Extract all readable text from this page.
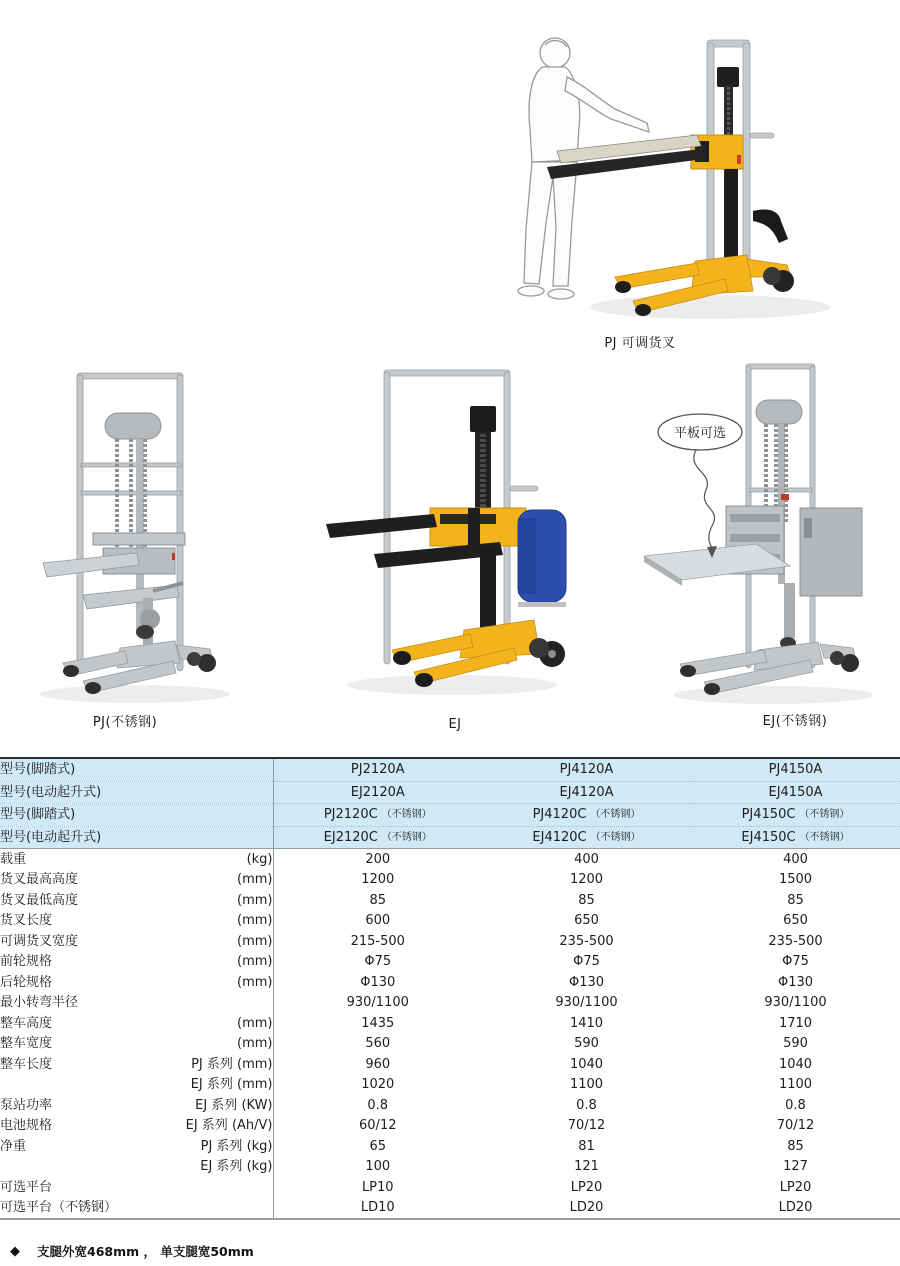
PJ 可调货叉
PJ(不锈钢)	EJ
平板可选
EJ(不锈钢)
型号(脚踏式)	PJ2120A	PJ4120A	PJ4150A

型号(电动起升式)	EJ2120A	EJ4120A	EJ4150A

型号(脚踏式)	PJ2120C （不锈钢）	PJ4120C （不锈钢）	PJ4150C （不锈钢）

型号(电动起升式)	EJ2120C （不锈钢）	EJ4120C （不锈钢）	EJ4150C （不锈钢）

载重 (kg)	200	400	400

货叉最高高度 (mm)	1200	1200	1500

货叉最低高度 (mm)	85	85	85

货叉长度 (mm)	600	650	650

可调货叉宽度 (mm)	215-500	235-500	235-500

前轮规格 (mm)	Φ75	Φ75	Φ75

后轮规格 (mm)	Φ130	Φ130	Φ130

最小转弯半径	930/1100	930/1100	930/1100

整车高度 (mm)	1435	1410	1710

整车宽度 (mm)	560	590	590

整车长度 PJ 系列 (mm)	960	1040	1040

EJ 系列 (mm)	1020	1100	1100

泵站功率 EJ 系列 (KW)	0.8	0.8	0.8

电池规格 EJ 系列 (Ah/V)	60/12	70/12	70/12

净重 PJ 系列 (kg)	65	81	85

EJ 系列 (kg)	100	121	127

可选平台	LP10	LP20	LP20

可选平台（不锈钢）	LD10	LD20	LD20
◆ 支腿外宽468mm ， 单支腿宽50mm
